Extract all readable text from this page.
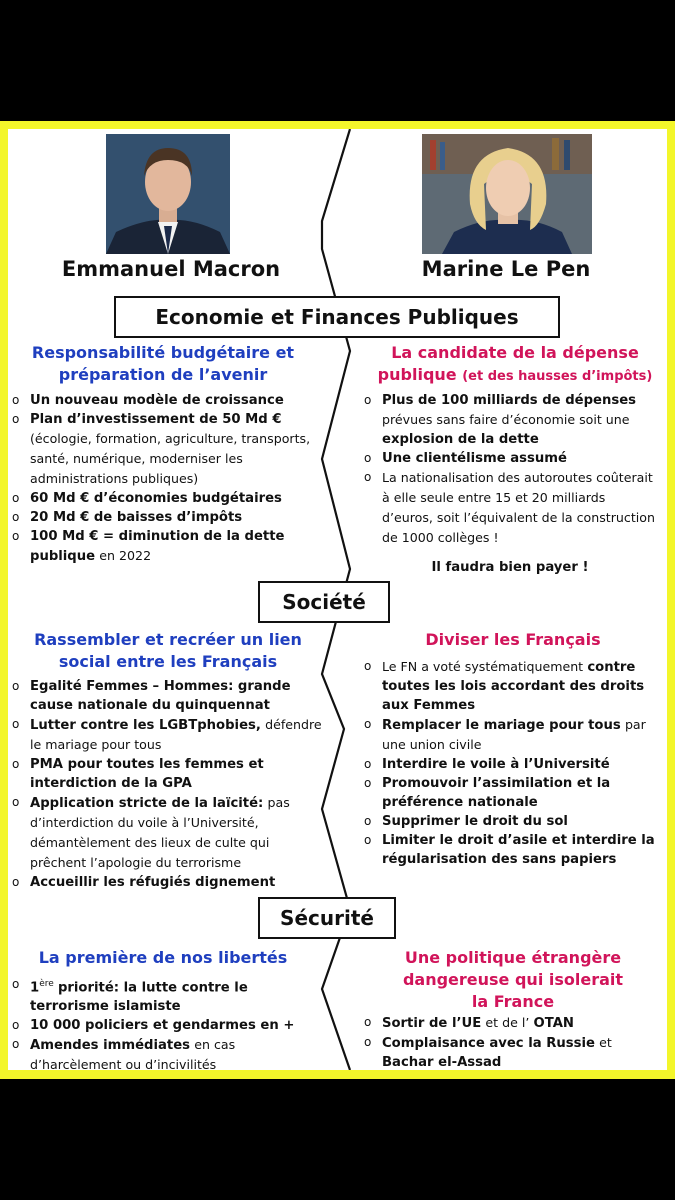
Emmanuel Macron	Marine Le Pen
Economie et Finances Publiques
Responsabilité budgétaire et
préparation de l’avenir
La candidate de la dépense
publique (et des hausses d’impôts)
o Un nouveau modèle de croissance
o Plan d’investissement de 50 Md € (écologie, formation, agriculture, transports, santé, numérique, moderniser les administrations publiques)
o 60 Md € d’économies budgétaires
o 20 Md € de baisses d’impôts
o 100 Md € = diminution de la dette publique en 2022
o Plus de 100 milliards de dépenses prévues sans faire d’économie soit une explosion de la dette
o Une clientélisme assumé
o La nationalisation des autoroutes coûterait à elle seule entre 15 et 20 milliards d’euros, soit l’équivalent de la construction de 1000 collèges !
Il faudra bien payer !
Société
Rassembler et recréer un lien
social entre les Français
Diviser les Français
o Egalité Femmes – Hommes: grande cause nationale du quinquennat
o Lutter contre les LGBTphobies, défendre le mariage pour tous
o PMA pour toutes les femmes et interdiction de la GPA
o Application stricte de la laïcité: pas d’interdiction du voile à l’Université, démantèlement des lieux de culte qui prêchent l’apologie du terrorisme
o Accueillir les réfugiés dignement
o Le FN a voté systématiquement contre toutes les lois accordant des droits aux Femmes
o Remplacer le mariage pour tous par une union civile
o Interdire le voile à l’Université
o Promouvoir l’assimilation et la préférence nationale
o Supprimer le droit du sol
o Limiter le droit d’asile et interdire la régularisation des sans papiers
Sécurité
La première de nos libertés	Une politique étrangère
dangereuse qui isolerait
la France
o 1ère priorité: la lutte contre le terrorisme islamiste
o 10 000 policiers et gendarmes en +
o Amendes immédiates en cas d’harcèlement ou d’incivilités
o Sortir de l’UE et de l’ OTAN
o Complaisance avec la Russie et Bachar el-Assad
